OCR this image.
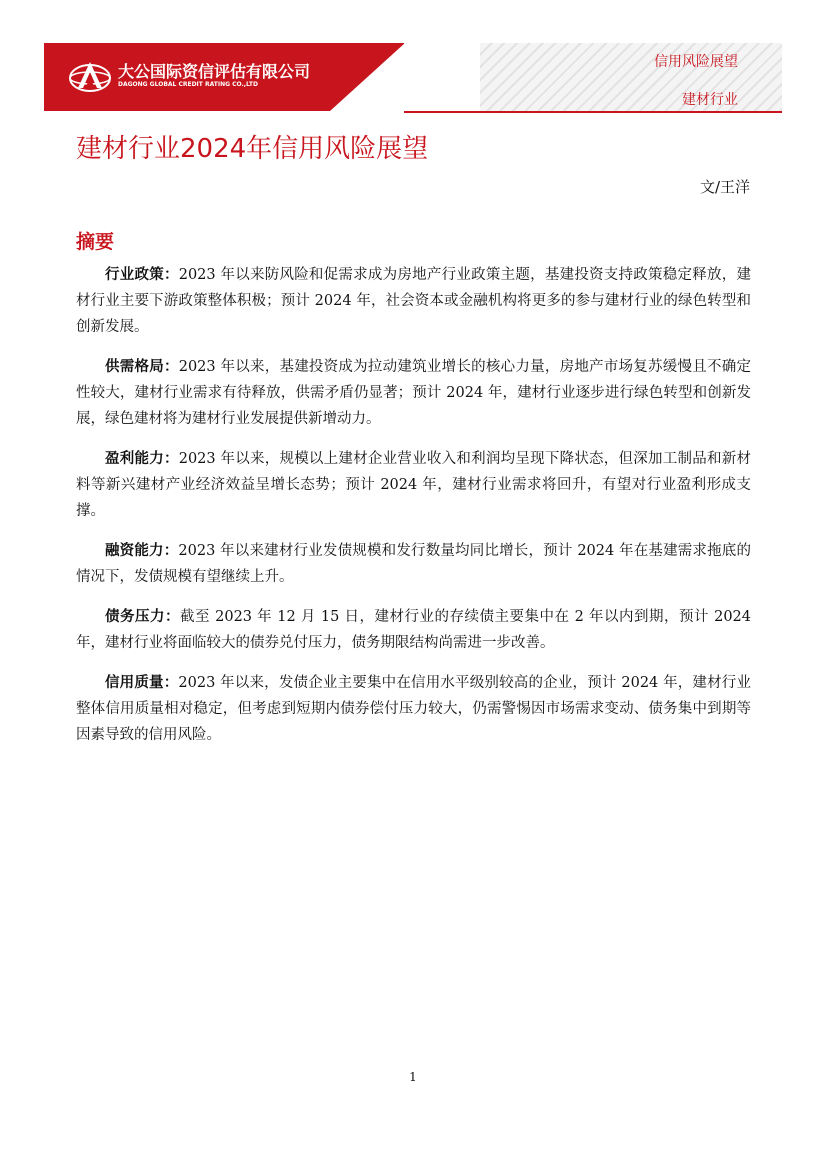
大公国际资信评估有限公司
DAGONG GLOBAL CREDIT RATING CO.,LTD
信用风险展望
建材行业
建材行业2024年信用风险展望
文/王洋
摘要

行业政策：2023 年以来防风险和促需求成为房地产行业政策主题，基建投资支持政策稳定释放，建材行业主要下游政策整体积极；预计 2024 年，社会资本或金融机构将更多的参与建材行业的绿色转型和创新发展。

供需格局：2023 年以来，基建投资成为拉动建筑业增长的核心力量，房地产市场复苏缓慢且不确定性较大，建材行业需求有待释放，供需矛盾仍显著；预计 2024 年，建材行业逐步进行绿色转型和创新发展，绿色建材将为建材行业发展提供新增动力。

盈利能力：2023 年以来，规模以上建材企业营业收入和利润均呈现下降状态，但深加工制品和新材料等新兴建材产业经济效益呈增长态势；预计 2024 年，建材行业需求将回升，有望对行业盈利形成支撑。

融资能力：2023 年以来建材行业发债规模和发行数量均同比增长，预计 2024 年在基建需求拖底的情况下，发债规模有望继续上升。

债务压力：截至 2023 年 12 月 15 日，建材行业的存续债主要集中在 2 年以内到期，预计 2024 年，建材行业将面临较大的债券兑付压力，债务期限结构尚需进一步改善。

信用质量：2023 年以来，发债企业主要集中在信用水平级别较高的企业，预计 2024 年，建材行业整体信用质量相对稳定，但考虑到短期内债券偿付压力较大，仍需警惕因市场需求变动、债务集中到期等因素导致的信用风险。

1
